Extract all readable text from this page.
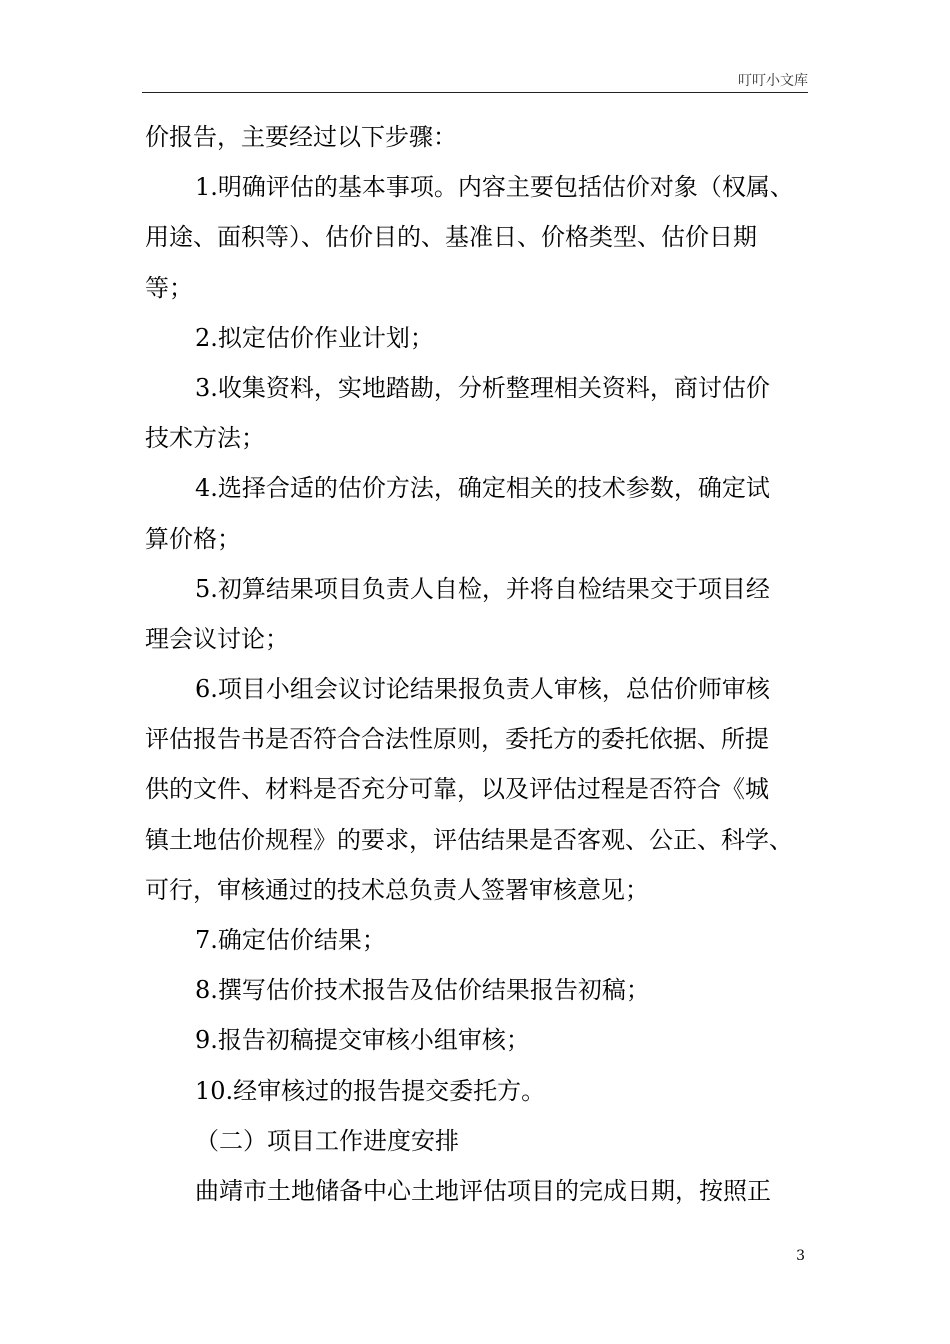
叮叮小文库
价报告，主要经过以下步骤：
1.明确评估的基本事项。内容主要包括估价对象（权属、
用途、面积等）、估价目的、基准日、价格类型、估价日期
等；
2.拟定估价作业计划；
3.收集资料，实地踏勘，分析整理相关资料，商讨估价
技术方法；
4.选择合适的估价方法，确定相关的技术参数，确定试
算价格；
5.初算结果项目负责人自检，并将自检结果交于项目经
理会议讨论；
6.项目小组会议讨论结果报负责人审核，总估价师审核
评估报告书是否符合合法性原则，委托方的委托依据、所提
供的文件、材料是否充分可靠，以及评估过程是否符合《城
镇土地估价规程》的要求，评估结果是否客观、公正、科学、
可行，审核通过的技术总负责人签署审核意见；
7.确定估价结果；
8.撰写估价技术报告及估价结果报告初稿；
9.报告初稿提交审核小组审核；
10.经审核过的报告提交委托方。
（二）项目工作进度安排
曲靖市土地储备中心土地评估项目的完成日期，按照正
3
